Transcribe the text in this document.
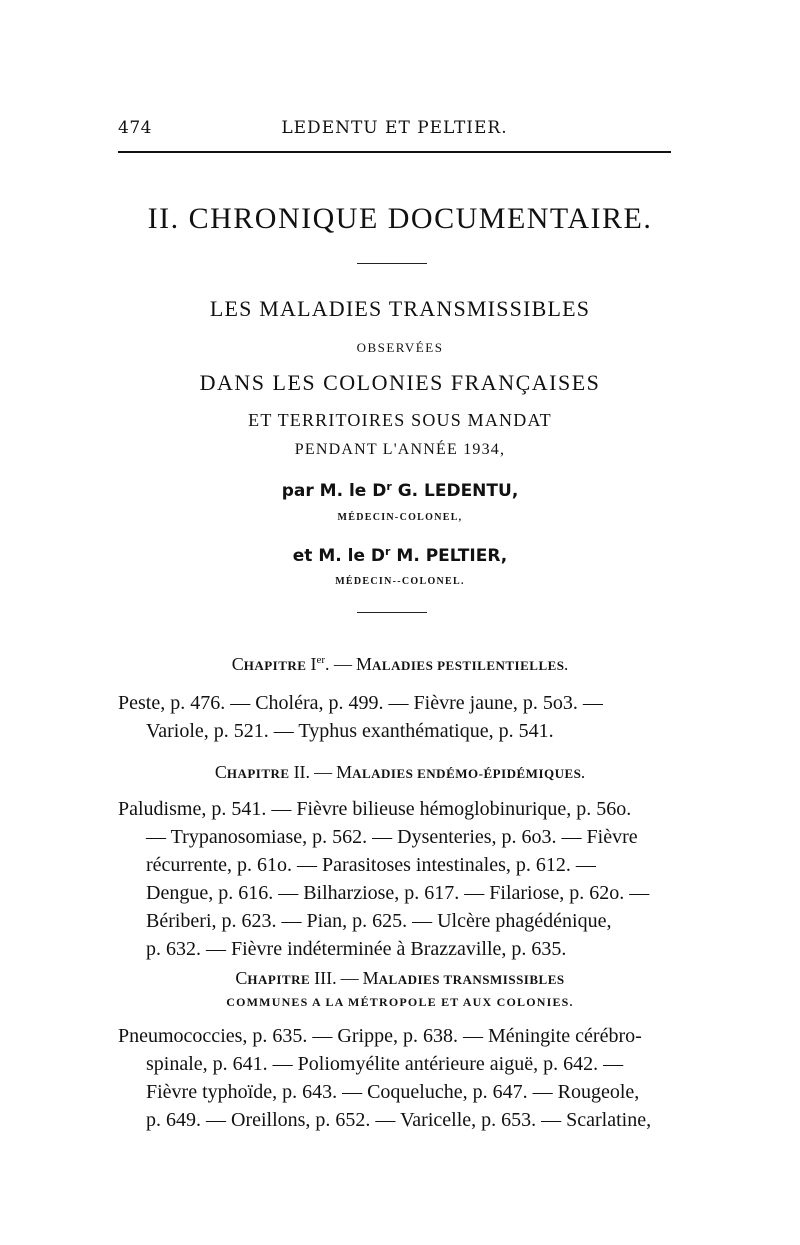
474	LEDENTU ET PELTIER.
II. CHRONIQUE DOCUMENTAIRE.
LES MALADIES TRANSMISSIBLES
OBSERVÉES
DANS LES COLONIES FRANÇAISES
ET TERRITOIRES SOUS MANDAT
PENDANT L'ANNÉE 1934,
par M. le $D^r$ G. LEDENTU,
MÉDECIN-COLONEL,
et M. le $D^r$ M. PELTIER,
MÉDECIN--COLONEL.
CHAPITRE Ier. — MALADIES PESTILENTIELLES.
Peste, p. 476. — Choléra, p. 499. — Fièvre jaune, p. 5o3. —
Variole, p. 521. — Typhus exanthématique, p. 541.
CHAPITRE II. — MALADIES ENDÉMO-ÉPIDÉMIQUES.
Paludisme, p. 541. — Fièvre bilieuse hémoglobinurique, p. 56o.
— Trypanosomiase, p. 562. — Dysenteries, p. 6o3. — Fièvre
récurrente, p. 61o. — Parasitoses intestinales, p. 612. —
Dengue, p. 616. — Bilharziose, p. 617. — Filariose, p. 62o. —
Bériberi, p. 623. — Pian, p. 625. — Ulcère phagédénique,
p. 632. — Fièvre indéterminée à Brazzaville, p. 635.
CHAPITRE III. — MALADIES TRANSMISSIBLES
COMMUNES A LA MÉTROPOLE ET AUX COLONIES.
Pneumococcies, p. 635. — Grippe, p. 638. — Méningite cérébro-
spinale, p. 641. — Poliomyélite antérieure aiguë, p. 642. —
Fièvre typhoïde, p. 643. — Coqueluche, p. 647. — Rougeole,
p. 649. — Oreillons, p. 652. — Varicelle, p. 653. — Scarlatine,
